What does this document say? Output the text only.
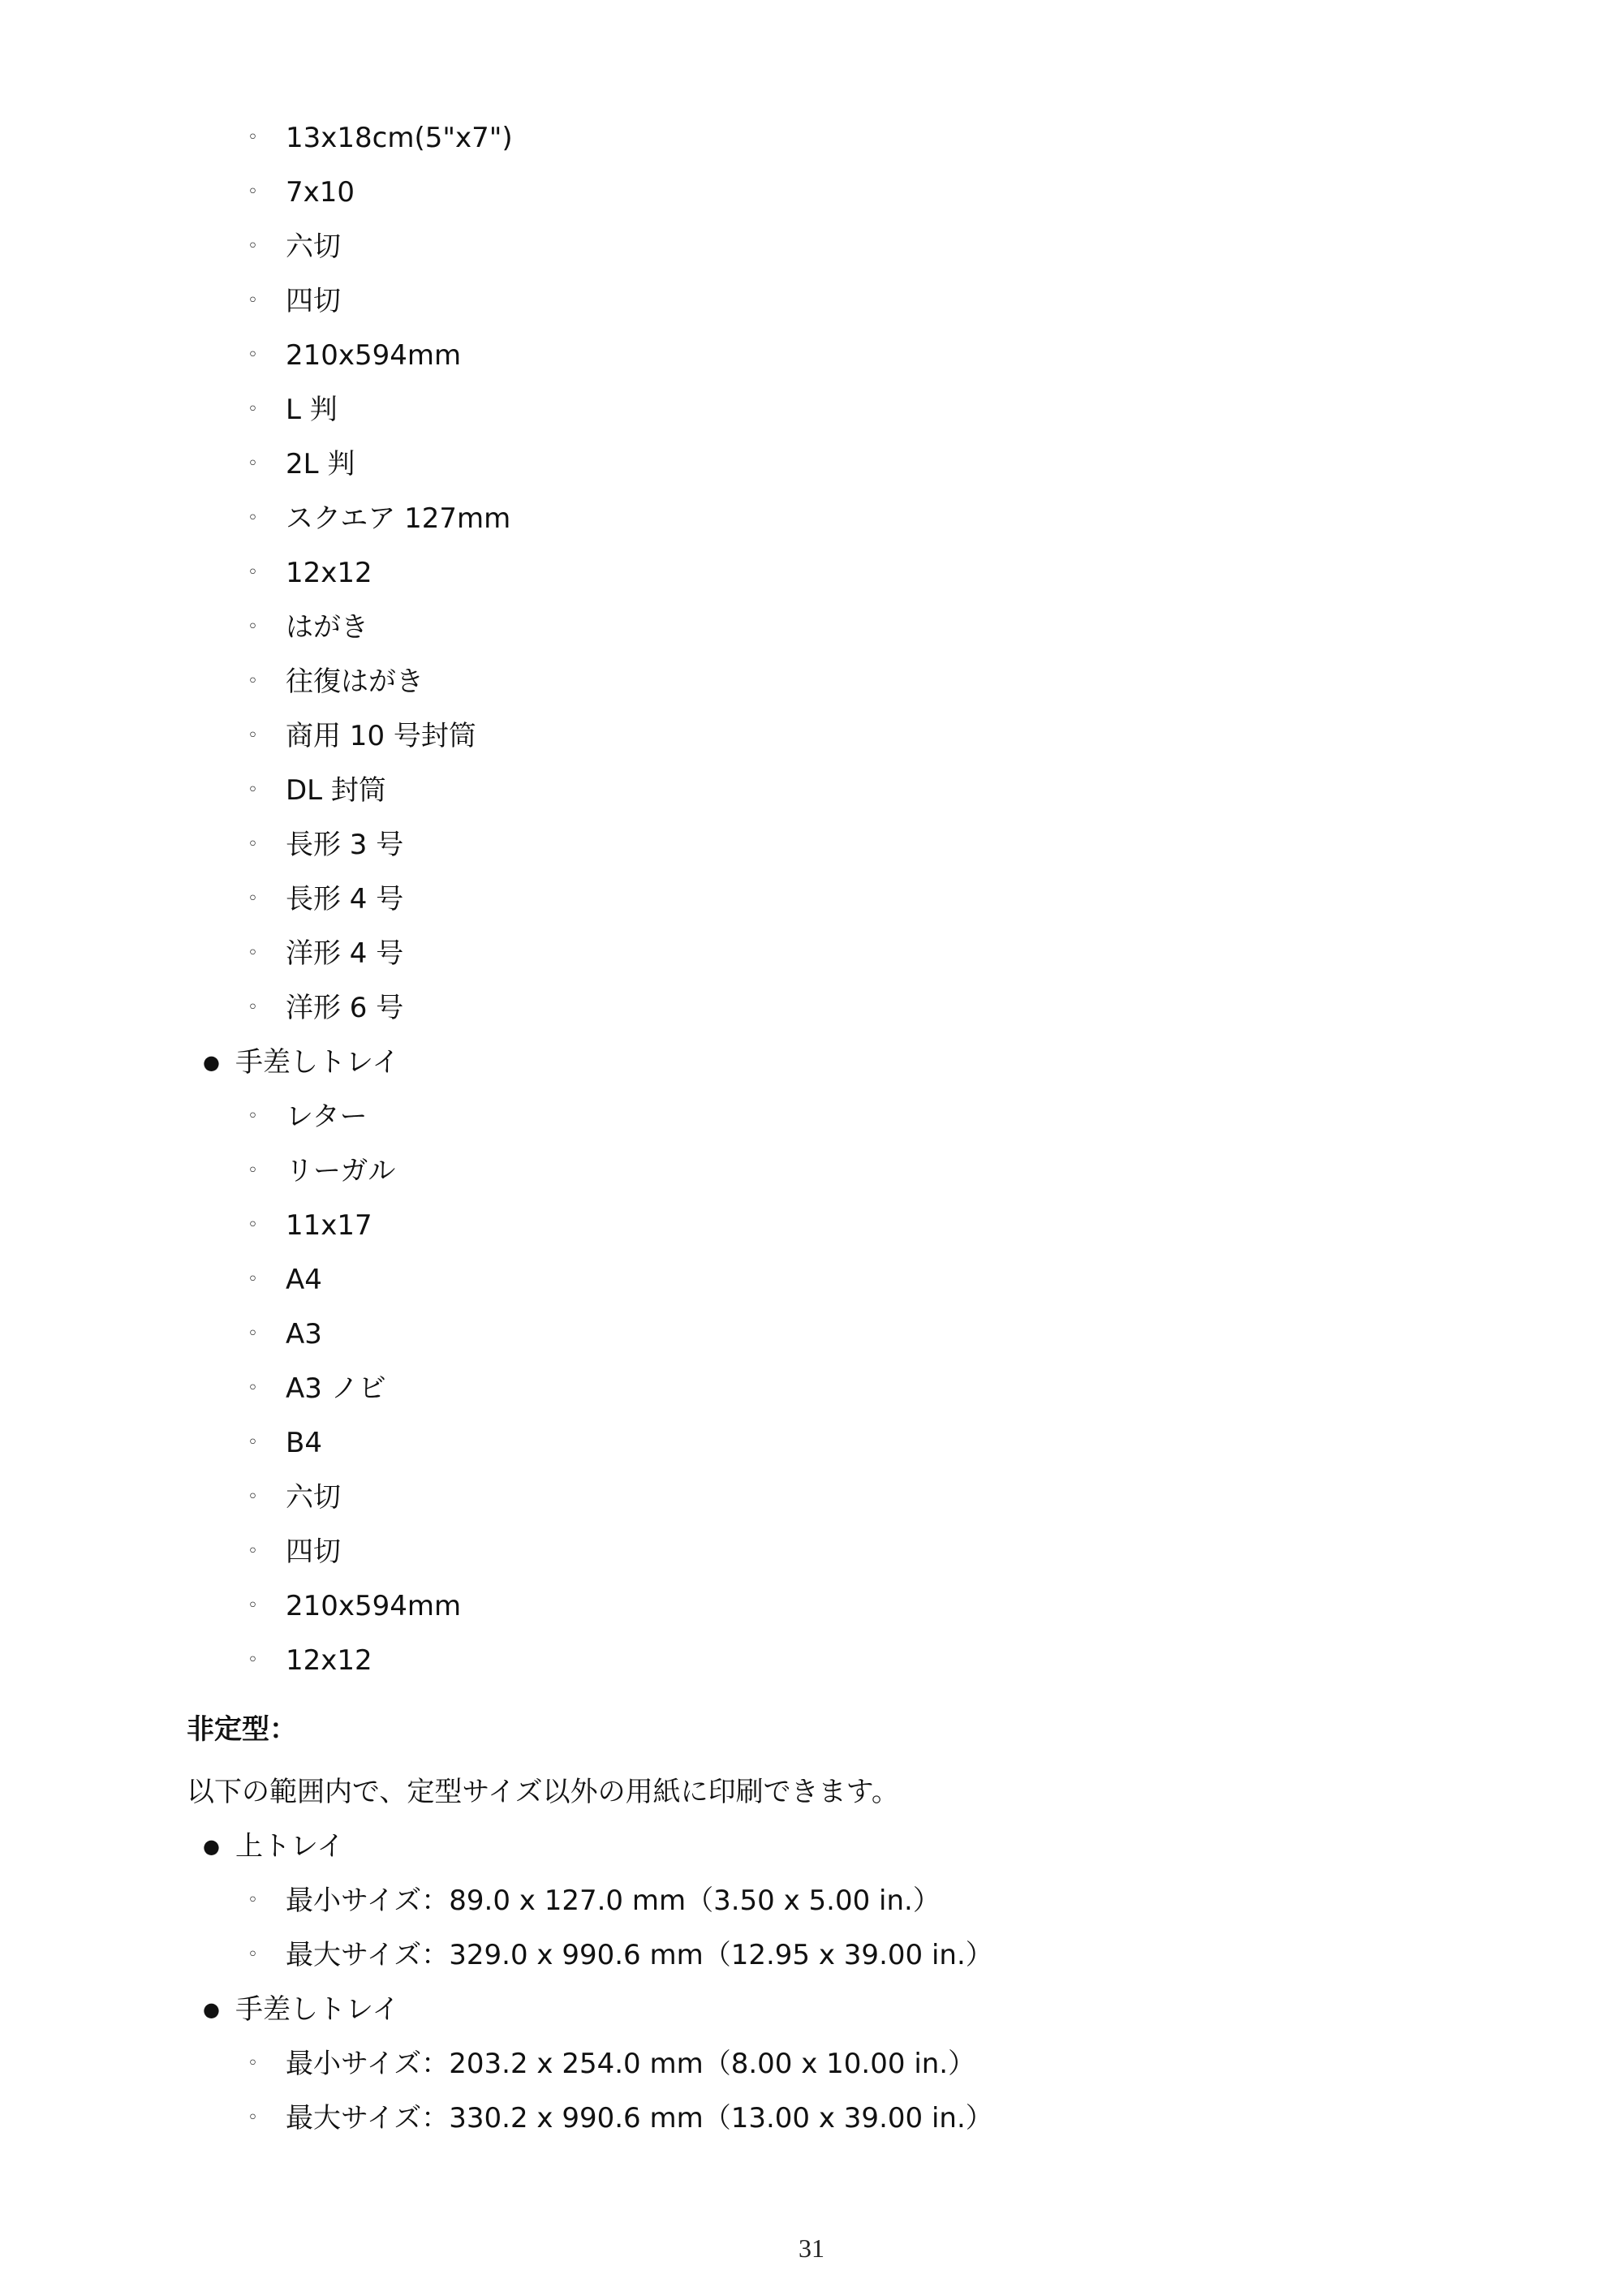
◦ 13x18cm(5"x7")
◦ 7x10
◦ 六切
◦ 四切
◦ 210x594mm
◦ L 判
◦ 2L 判
◦ スクエア 127mm
◦ 12x12
◦ はがき
◦ 往復はがき
◦ 商用 10 号封筒
◦ DL 封筒
◦ 長形 3 号
◦ 長形 4 号
◦ 洋形 4 号
◦ 洋形 6 号
● 手差しトレイ
◦ レター
◦ リーガル
◦ 11x17
◦ A4
◦ A3
◦ A3 ノビ
◦ B4
◦ 六切
◦ 四切
◦ 210x594mm
◦ 12x12
非定型：
以下の範囲内で、定型サイズ以外の用紙に印刷できます。
● 上トレイ
◦ 最小サイズ：89.0 x 127.0 mm（3.50 x 5.00 in.）
◦ 最大サイズ：329.0 x 990.6 mm（12.95 x 39.00 in.）
● 手差しトレイ
◦ 最小サイズ：203.2 x 254.0 mm（8.00 x 10.00 in.）
◦ 最大サイズ：330.2 x 990.6 mm（13.00 x 39.00 in.）
31
